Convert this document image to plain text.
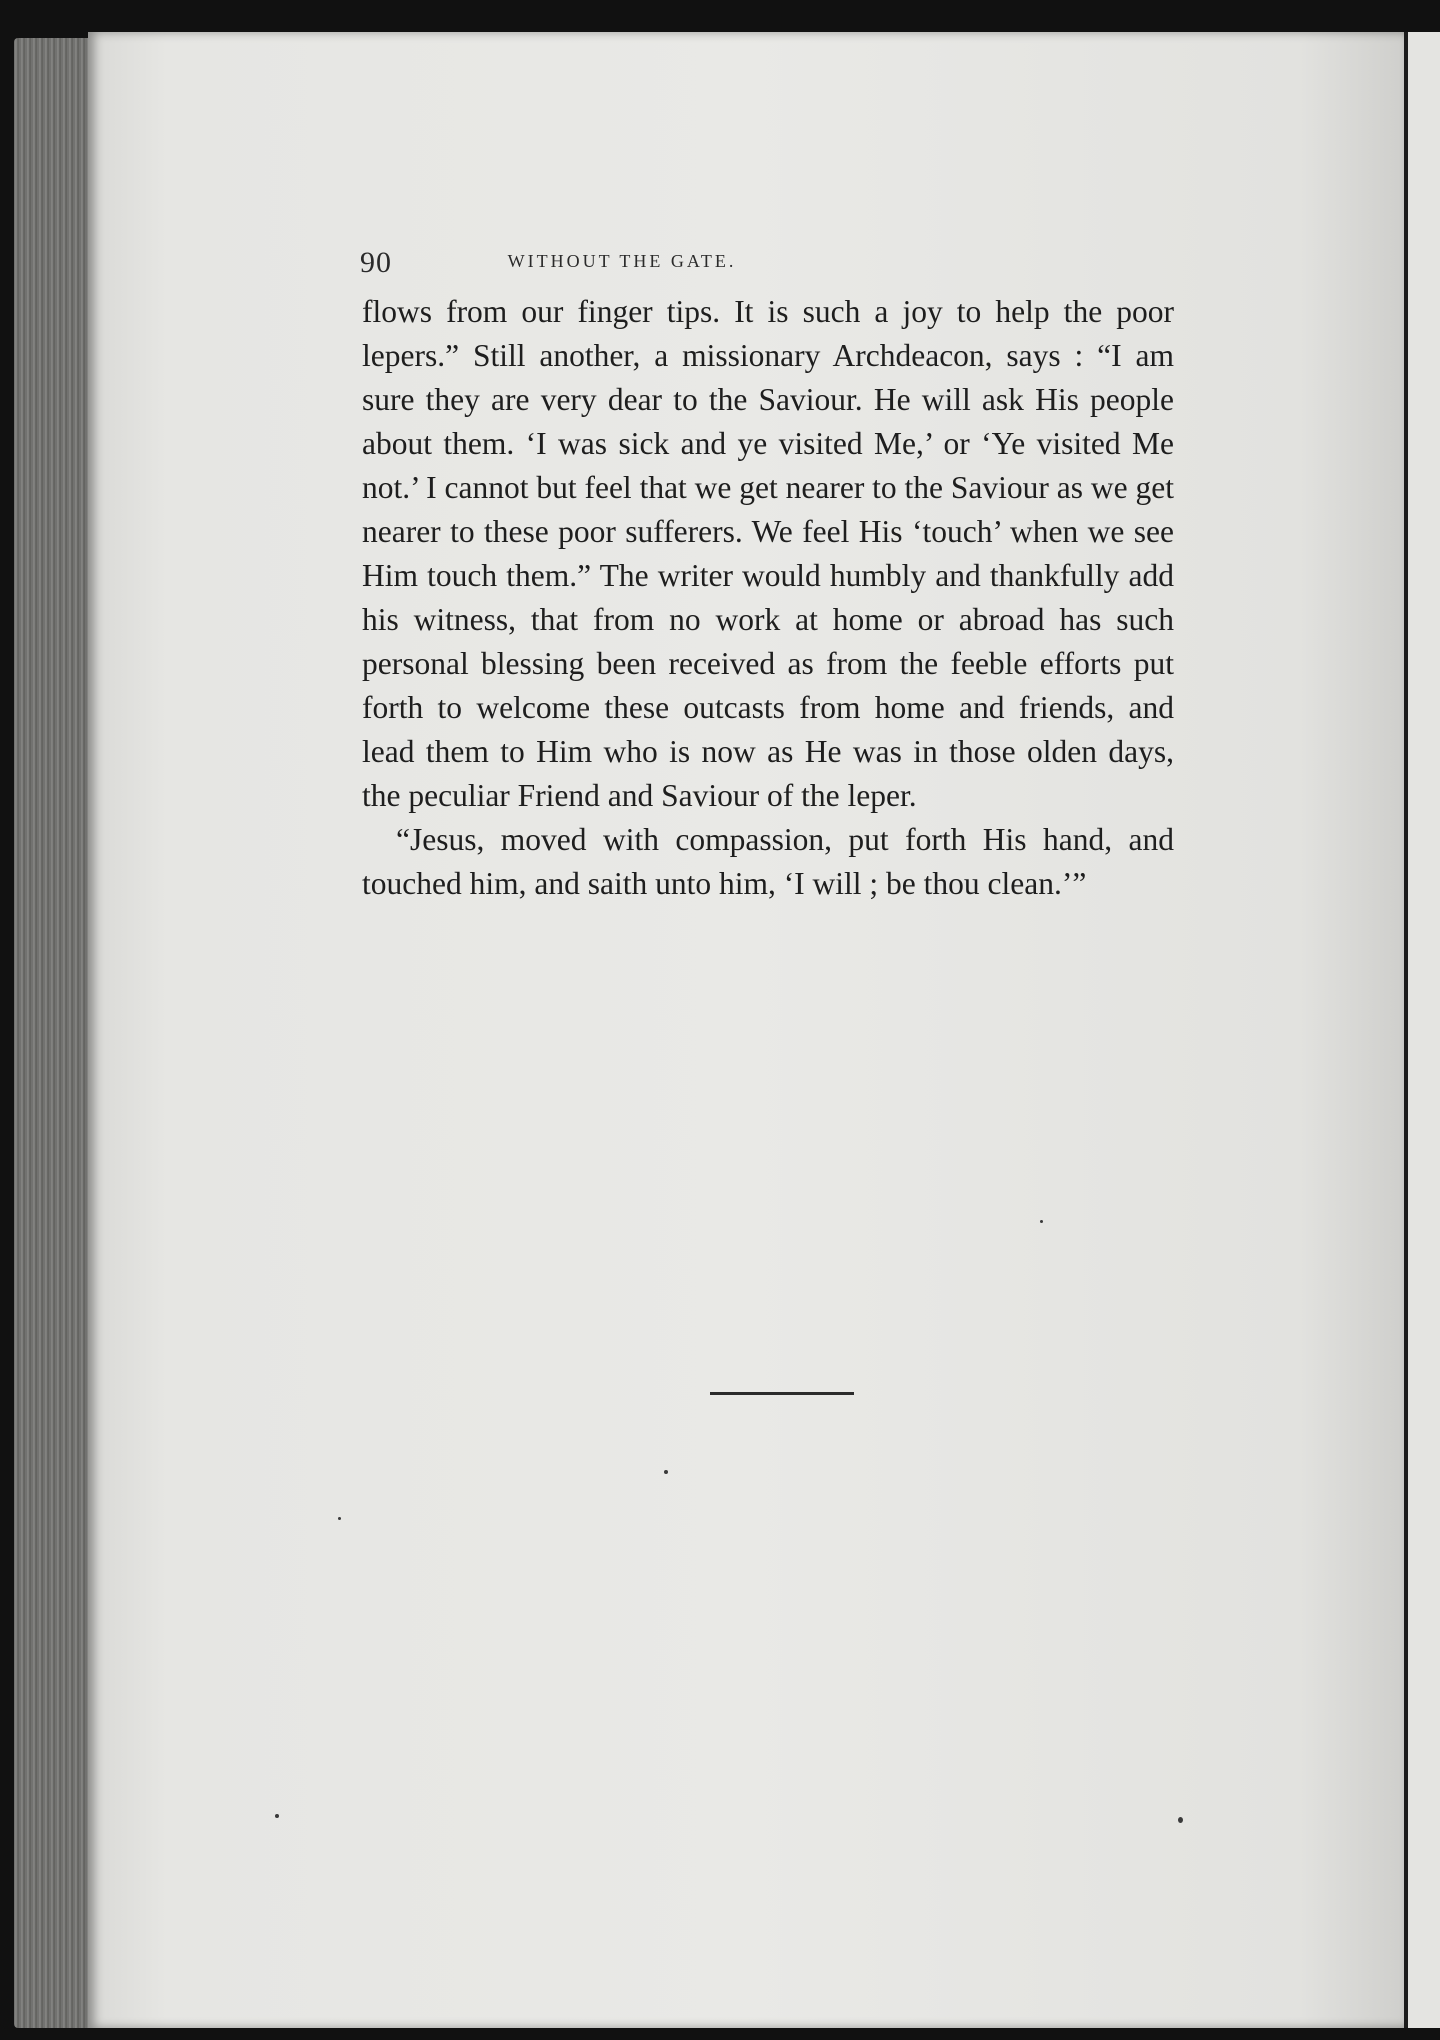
90	WITHOUT THE GATE.

flows from our finger tips. It is such a joy to help the poor lepers.” Still another, a missionary Archdeacon, says : “I am sure they are very dear to the Saviour. He will ask His people about them. ‘I was sick and ye visited Me,’ or ‘Ye visited Me not.’ I cannot but feel that we get nearer to the Saviour as we get nearer to these poor sufferers. We feel His ‘touch’ when we see Him touch them.” The writer would humbly and thankfully add his witness, that from no work at home or abroad has such personal blessing been received as from the feeble efforts put forth to welcome these outcasts from home and friends, and lead them to Him who is now as He was in those olden days, the peculiar Friend and Saviour of the leper.

“Jesus, moved with compassion, put forth His hand, and touched him, and saith unto him, ‘I will ; be thou clean.’”
